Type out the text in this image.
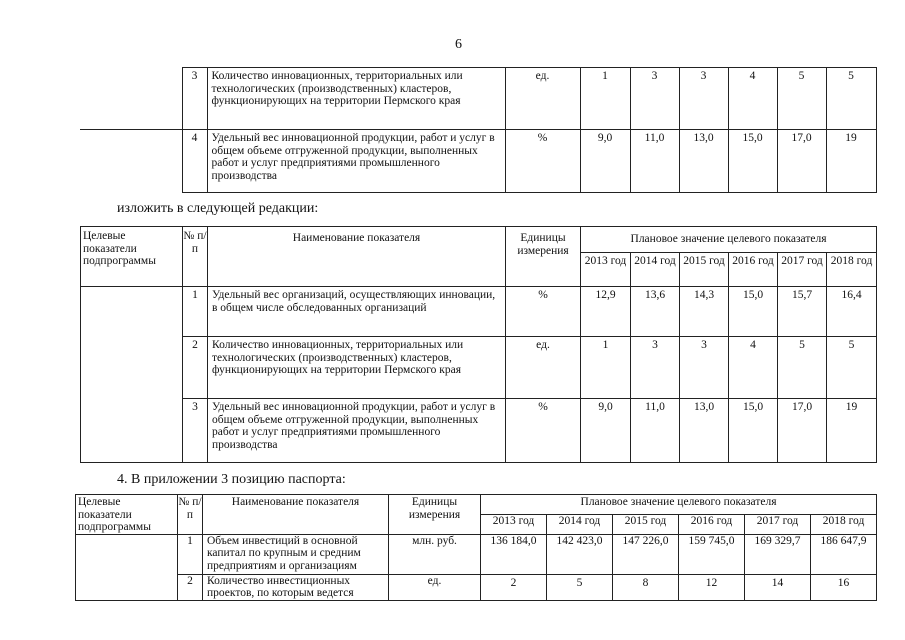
6
	3	Количество инновационных, территориальных или технологических (производственных) кластеров, функционирующих на территории Пермского края	ед.	1	3	3	4	5	5
	4	Удельный вес инновационной продукции, работ и услуг в общем объеме отгруженной продукции, выполненных работ и услуг предприятиями промышленного производства	%	9,0	11,0	13,0	15,0	17,0	19
изложить в следующей редакции:
Целевые показатели подпрограммы	№ п/п	Наименование показателя	Единицы измерения	Плановое значение целевого показателя					
				2013 год	2014 год	2015 год	2016 год	2017 год	2018 год
	1	Удельный вес организаций, осуществляющих инновации, в общем числе обследованных организаций	%	12,9	13,6	14,3	15,0	15,7	16,4
	2	Количество инновационных, территориальных или технологических (производственных) кластеров, функционирующих на территории Пермского края	ед.	1	3	3	4	5	5
	3	Удельный вес инновационной продукции, работ и услуг в общем объеме отгруженной продукции, выполненных работ и услуг предприятиями промышленного производства	%	9,0	11,0	13,0	15,0	17,0	19
4. В приложении 3 позицию паспорта:
Целевые показатели подпрограммы	№ п/п	Наименование показателя	Единицы измерения	Плановое значение целевого показателя					
				2013 год	2014 год	2015 год	2016 год	2017 год	2018 год
	1	Объем инвестиций в основной капитал по крупным и средним предприятиям и организациям	млн. руб.	136 184,0	142 423,0	147 226,0	159 745,0	169 329,7	186 647,9
	2	Количество инвестиционных проектов, по которым ведется	ед.	2	5	8	12	14	16
